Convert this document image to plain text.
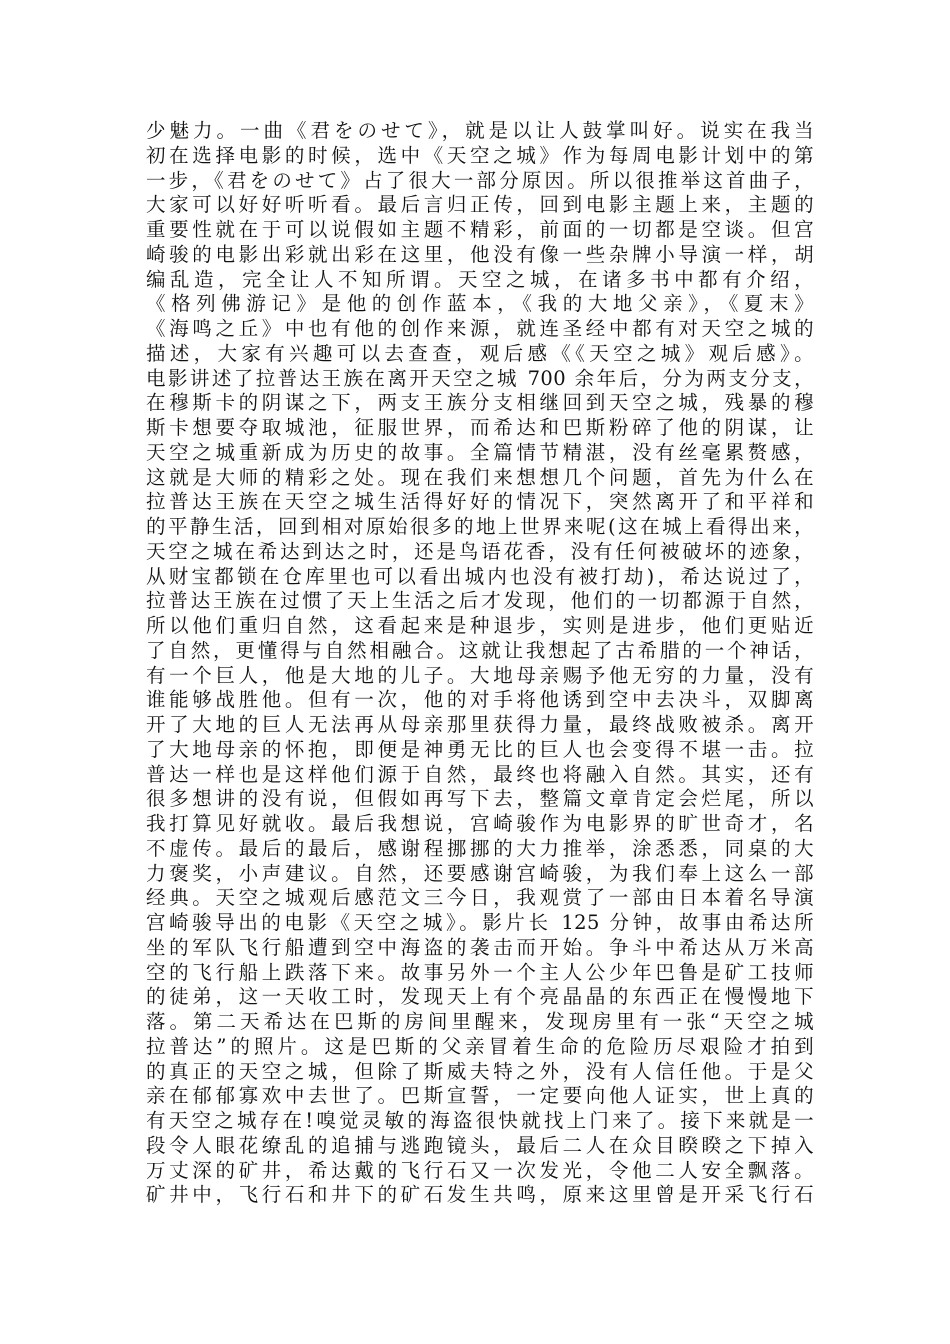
少魅力。一曲《君をのせて》，就是以让人鼓掌叫好。说实在我当
初在选择电影的时候，选中《天空之城》作为每周电影计划中的第
一步，《君をのせて》占了很大一部分原因。所以很推举这首曲子，
大家可以好好听听看。最后言归正传，回到电影主题上来，主题的
重要性就在于可以说假如主题不精彩，前面的一切都是空谈。但宫
崎骏的电影出彩就出彩在这里，他没有像一些杂牌小导演一样，胡
编乱造，完全让人不知所谓。天空之城，在诸多书中都有介绍，
《格列佛游记》是他的创作蓝本，《我的大地父亲》，《夏末》
《海鸣之丘》中也有他的创作来源，就连圣经中都有对天空之城的
描述，大家有兴趣可以去查查，观后感《《天空之城》观后感》。
电影讲述了拉普达王族在离开天空之城 700 余年后，分为两支分支，
在穆斯卡的阴谋之下，两支王族分支相继回到天空之城，残暴的穆
斯卡想要夺取城池，征服世界，而希达和巴斯粉碎了他的阴谋，让
天空之城重新成为历史的故事。全篇情节精湛，没有丝毫累赘感，
这就是大师的精彩之处。现在我们来想想几个问题，首先为什么在
拉普达王族在天空之城生活得好好的情况下，突然离开了和平祥和
的平静生活，回到相对原始很多的地上世界来呢(这在城上看得出来，
天空之城在希达到达之时，还是鸟语花香，没有任何被破坏的迹象，
从财宝都锁在仓库里也可以看出城内也没有被打劫)，希达说过了，
拉普达王族在过惯了天上生活之后才发现，他们的一切都源于自然，
所以他们重归自然，这看起来是种退步，实则是进步，他们更贴近
了自然，更懂得与自然相融合。这就让我想起了古希腊的一个神话，
有一个巨人，他是大地的儿子。大地母亲赐予他无穷的力量，没有
谁能够战胜他。但有一次，他的对手将他诱到空中去决斗，双脚离
开了大地的巨人无法再从母亲那里获得力量，最终战败被杀。离开
了大地母亲的怀抱，即便是神勇无比的巨人也会变得不堪一击。拉
普达一样也是这样他们源于自然，最终也将融入自然。其实，还有
很多想讲的没有说，但假如再写下去，整篇文章肯定会烂尾，所以
我打算见好就收。最后我想说，宫崎骏作为电影界的旷世奇才，名
不虚传。最后的最后，感谢程挪挪的大力推举，涂悉悉，同桌的大
力褒奖，小声建议。自然，还要感谢宫崎骏，为我们奉上这么一部
经典。天空之城观后感范文三今日，我观赏了一部由日本着名导演
宫崎骏导出的电影《天空之城》。影片长 125 分钟，故事由希达所
坐的军队飞行船遭到空中海盗的袭击而开始。争斗中希达从万米高
空的飞行船上跌落下来。故事另外一个主人公少年巴鲁是矿工技师
的徒弟，这一天收工时，发现天上有个亮晶晶的东西正在慢慢地下
落。第二天希达在巴斯的房间里醒来，发现房里有一张“天空之城
拉普达”的照片。这是巴斯的父亲冒着生命的危险历尽艰险才拍到
的真正的天空之城，但除了斯威夫特之外，没有人信任他。于是父
亲在郁郁寡欢中去世了。巴斯宣誓，一定要向他人证实，世上真的
有天空之城存在!嗅觉灵敏的海盗很快就找上门来了。接下来就是一
段令人眼花缭乱的追捕与逃跑镜头，最后二人在众目睽睽之下掉入
万丈深的矿井，希达戴的飞行石又一次发光，令他二人安全飘落。
矿井中，飞行石和井下的矿石发生共鸣，原来这里曾是开采飞行石
